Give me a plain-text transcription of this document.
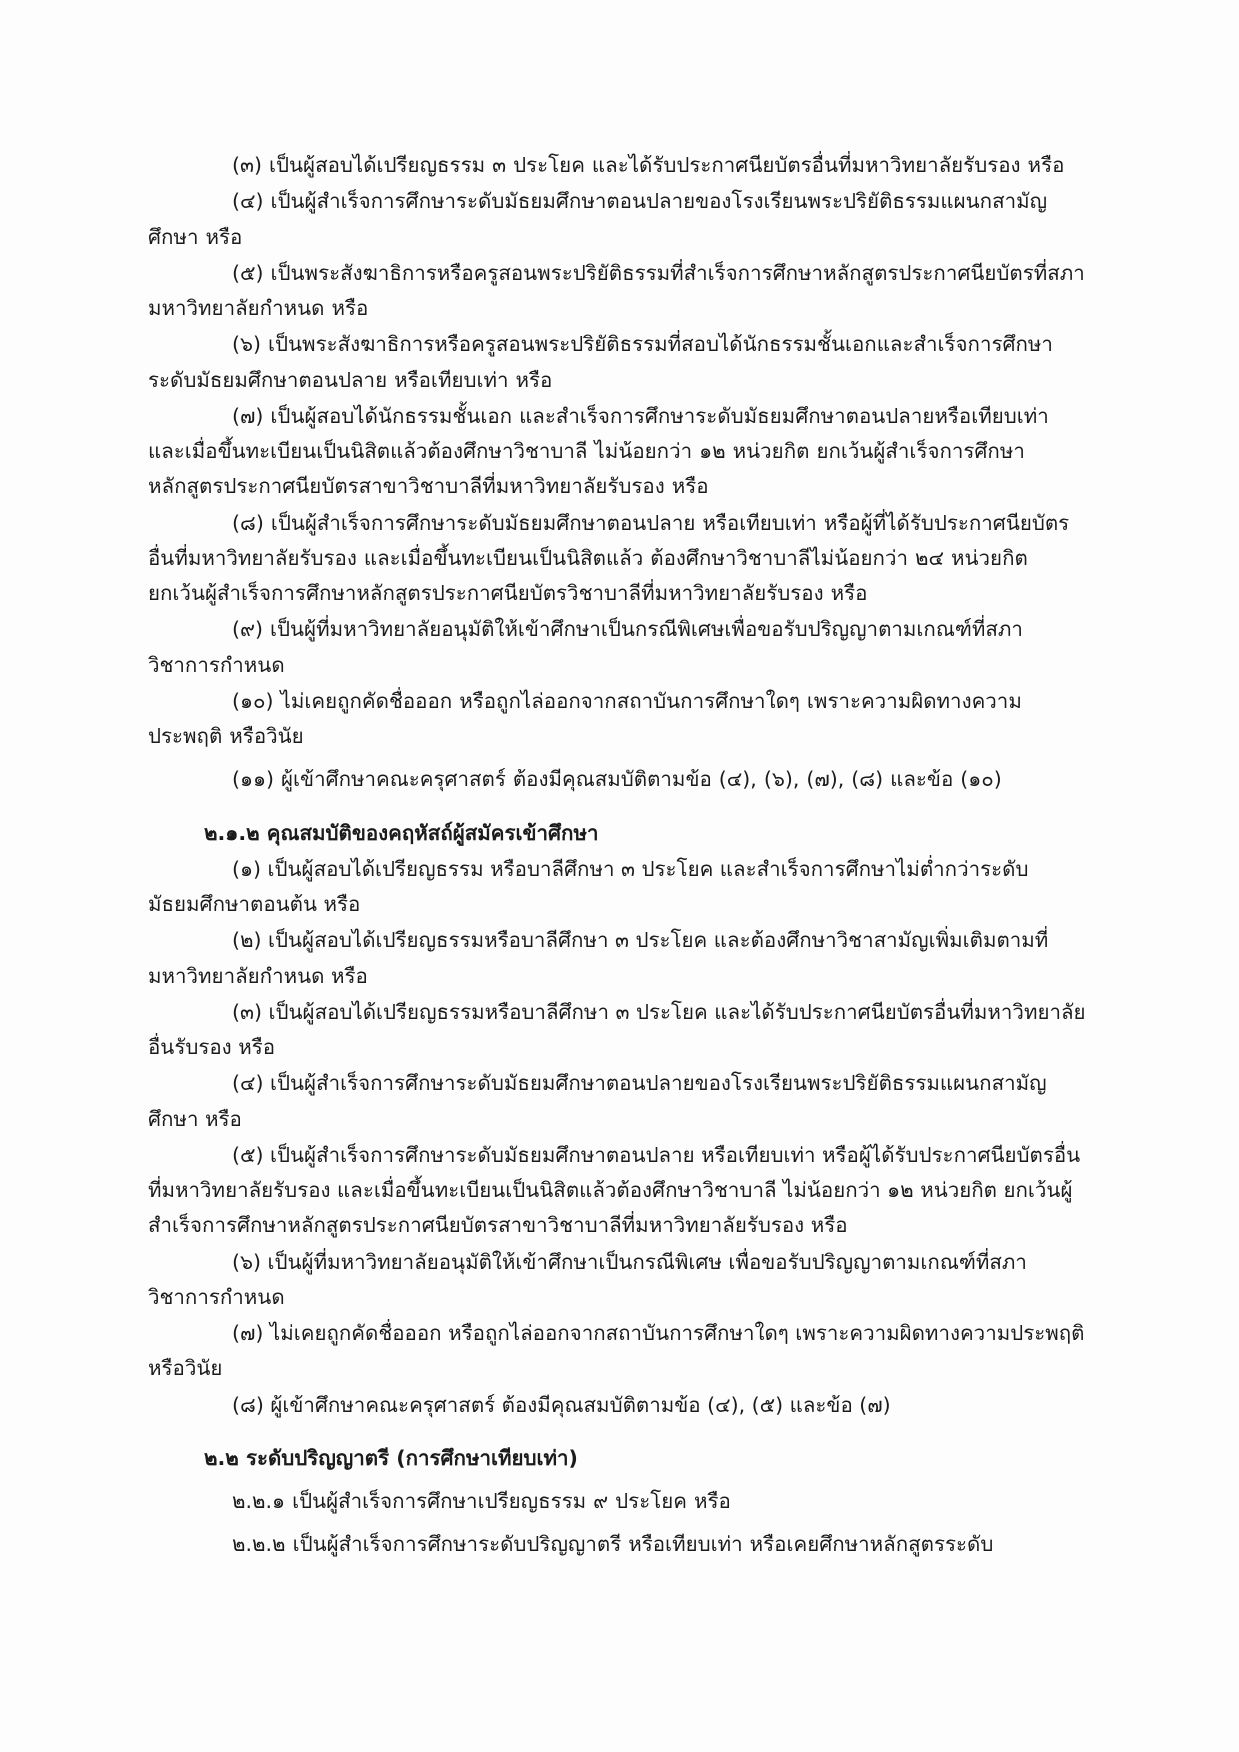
(๓) เป็นผู้สอบได้เปรียญธรรม ๓ ประโยค และได้รับประกาศนียบัตรอื่นที่มหาวิทยาลัยรับรอง หรือ

(๔) เป็นผู้สำเร็จการศึกษาระดับมัธยมศึกษาตอนปลายของโรงเรียนพระปริยัติธรรมแผนกสามัญศึกษา หรือ

(๕) เป็นพระสังฆาธิการหรือครูสอนพระปริยัติธรรมที่สำเร็จการศึกษาหลักสูตรประกาศนียบัตรที่สภามหาวิทยาลัยกำหนด หรือ

(๖) เป็นพระสังฆาธิการหรือครูสอนพระปริยัติธรรมที่สอบได้นักธรรมชั้นเอกและสำเร็จการศึกษาระดับมัธยมศึกษาตอนปลาย หรือเทียบเท่า หรือ

(๗) เป็นผู้สอบได้นักธรรมชั้นเอก และสำเร็จการศึกษาระดับมัธยมศึกษาตอนปลายหรือเทียบเท่า และเมื่อขึ้นทะเบียนเป็นนิสิตแล้วต้องศึกษาวิชาบาลี ไม่น้อยกว่า ๑๒ หน่วยกิต ยกเว้นผู้สำเร็จการศึกษาหลักสูตรประกาศนียบัตรสาขาวิชาบาลีที่มหาวิทยาลัยรับรอง หรือ

(๘) เป็นผู้สำเร็จการศึกษาระดับมัธยมศึกษาตอนปลาย หรือเทียบเท่า หรือผู้ที่ได้รับประกาศนียบัตรอื่นที่มหาวิทยาลัยรับรอง และเมื่อขึ้นทะเบียนเป็นนิสิตแล้ว ต้องศึกษาวิชาบาลีไม่น้อยกว่า ๒๔ หน่วยกิต ยกเว้นผู้สำเร็จการศึกษาหลักสูตรประกาศนียบัตรวิชาบาลีที่มหาวิทยาลัยรับรอง หรือ

(๙) เป็นผู้ที่มหาวิทยาลัยอนุมัติให้เข้าศึกษาเป็นกรณีพิเศษเพื่อขอรับปริญญาตามเกณฑ์ที่สภาวิชาการกำหนด

(๑๐) ไม่เคยถูกคัดชื่อออก หรือถูกไล่ออกจากสถาบันการศึกษาใดๆ เพราะความผิดทางความประพฤติ หรือวินัย

(๑๑) ผู้เข้าศึกษาคณะครุศาสตร์ ต้องมีคุณสมบัติตามข้อ (๔), (๖), (๗), (๘) และข้อ (๑๐)

๒.๑.๒ คุณสมบัติของคฤหัสถ์ผู้สมัครเข้าศึกษา

(๑) เป็นผู้สอบได้เปรียญธรรม หรือบาลีศึกษา ๓ ประโยค และสำเร็จการศึกษาไม่ต่ำกว่าระดับมัธยมศึกษาตอนต้น หรือ

(๒) เป็นผู้สอบได้เปรียญธรรมหรือบาลีศึกษา ๓ ประโยค และต้องศึกษาวิชาสามัญเพิ่มเติมตามที่มหาวิทยาลัยกำหนด หรือ

(๓) เป็นผู้สอบได้เปรียญธรรมหรือบาลีศึกษา ๓ ประโยค และได้รับประกาศนียบัตรอื่นที่มหาวิทยาลัยอื่นรับรอง หรือ

(๔) เป็นผู้สำเร็จการศึกษาระดับมัธยมศึกษาตอนปลายของโรงเรียนพระปริยัติธรรมแผนกสามัญศึกษา หรือ

(๕) เป็นผู้สำเร็จการศึกษาระดับมัธยมศึกษาตอนปลาย หรือเทียบเท่า หรือผู้ได้รับประกาศนียบัตรอื่นที่มหาวิทยาลัยรับรอง และเมื่อขึ้นทะเบียนเป็นนิสิตแล้วต้องศึกษาวิชาบาลี ไม่น้อยกว่า ๑๒ หน่วยกิต ยกเว้นผู้สำเร็จการศึกษาหลักสูตรประกาศนียบัตรสาขาวิชาบาลีที่มหาวิทยาลัยรับรอง หรือ

(๖) เป็นผู้ที่มหาวิทยาลัยอนุมัติให้เข้าศึกษาเป็นกรณีพิเศษ เพื่อขอรับปริญญาตามเกณฑ์ที่สภาวิชาการกำหนด

(๗) ไม่เคยถูกคัดชื่อออก หรือถูกไล่ออกจากสถาบันการศึกษาใดๆ เพราะความผิดทางความประพฤติ หรือวินัย

(๘) ผู้เข้าศึกษาคณะครุศาสตร์ ต้องมีคุณสมบัติตามข้อ (๔), (๕) และข้อ (๗)

๒.๒ ระดับปริญญาตรี (การศึกษาเทียบเท่า)

๒.๒.๑ เป็นผู้สำเร็จการศึกษาเปรียญธรรม ๙ ประโยค หรือ

๒.๒.๒ เป็นผู้สำเร็จการศึกษาระดับปริญญาตรี หรือเทียบเท่า หรือเคยศึกษาหลักสูตรระดับ
